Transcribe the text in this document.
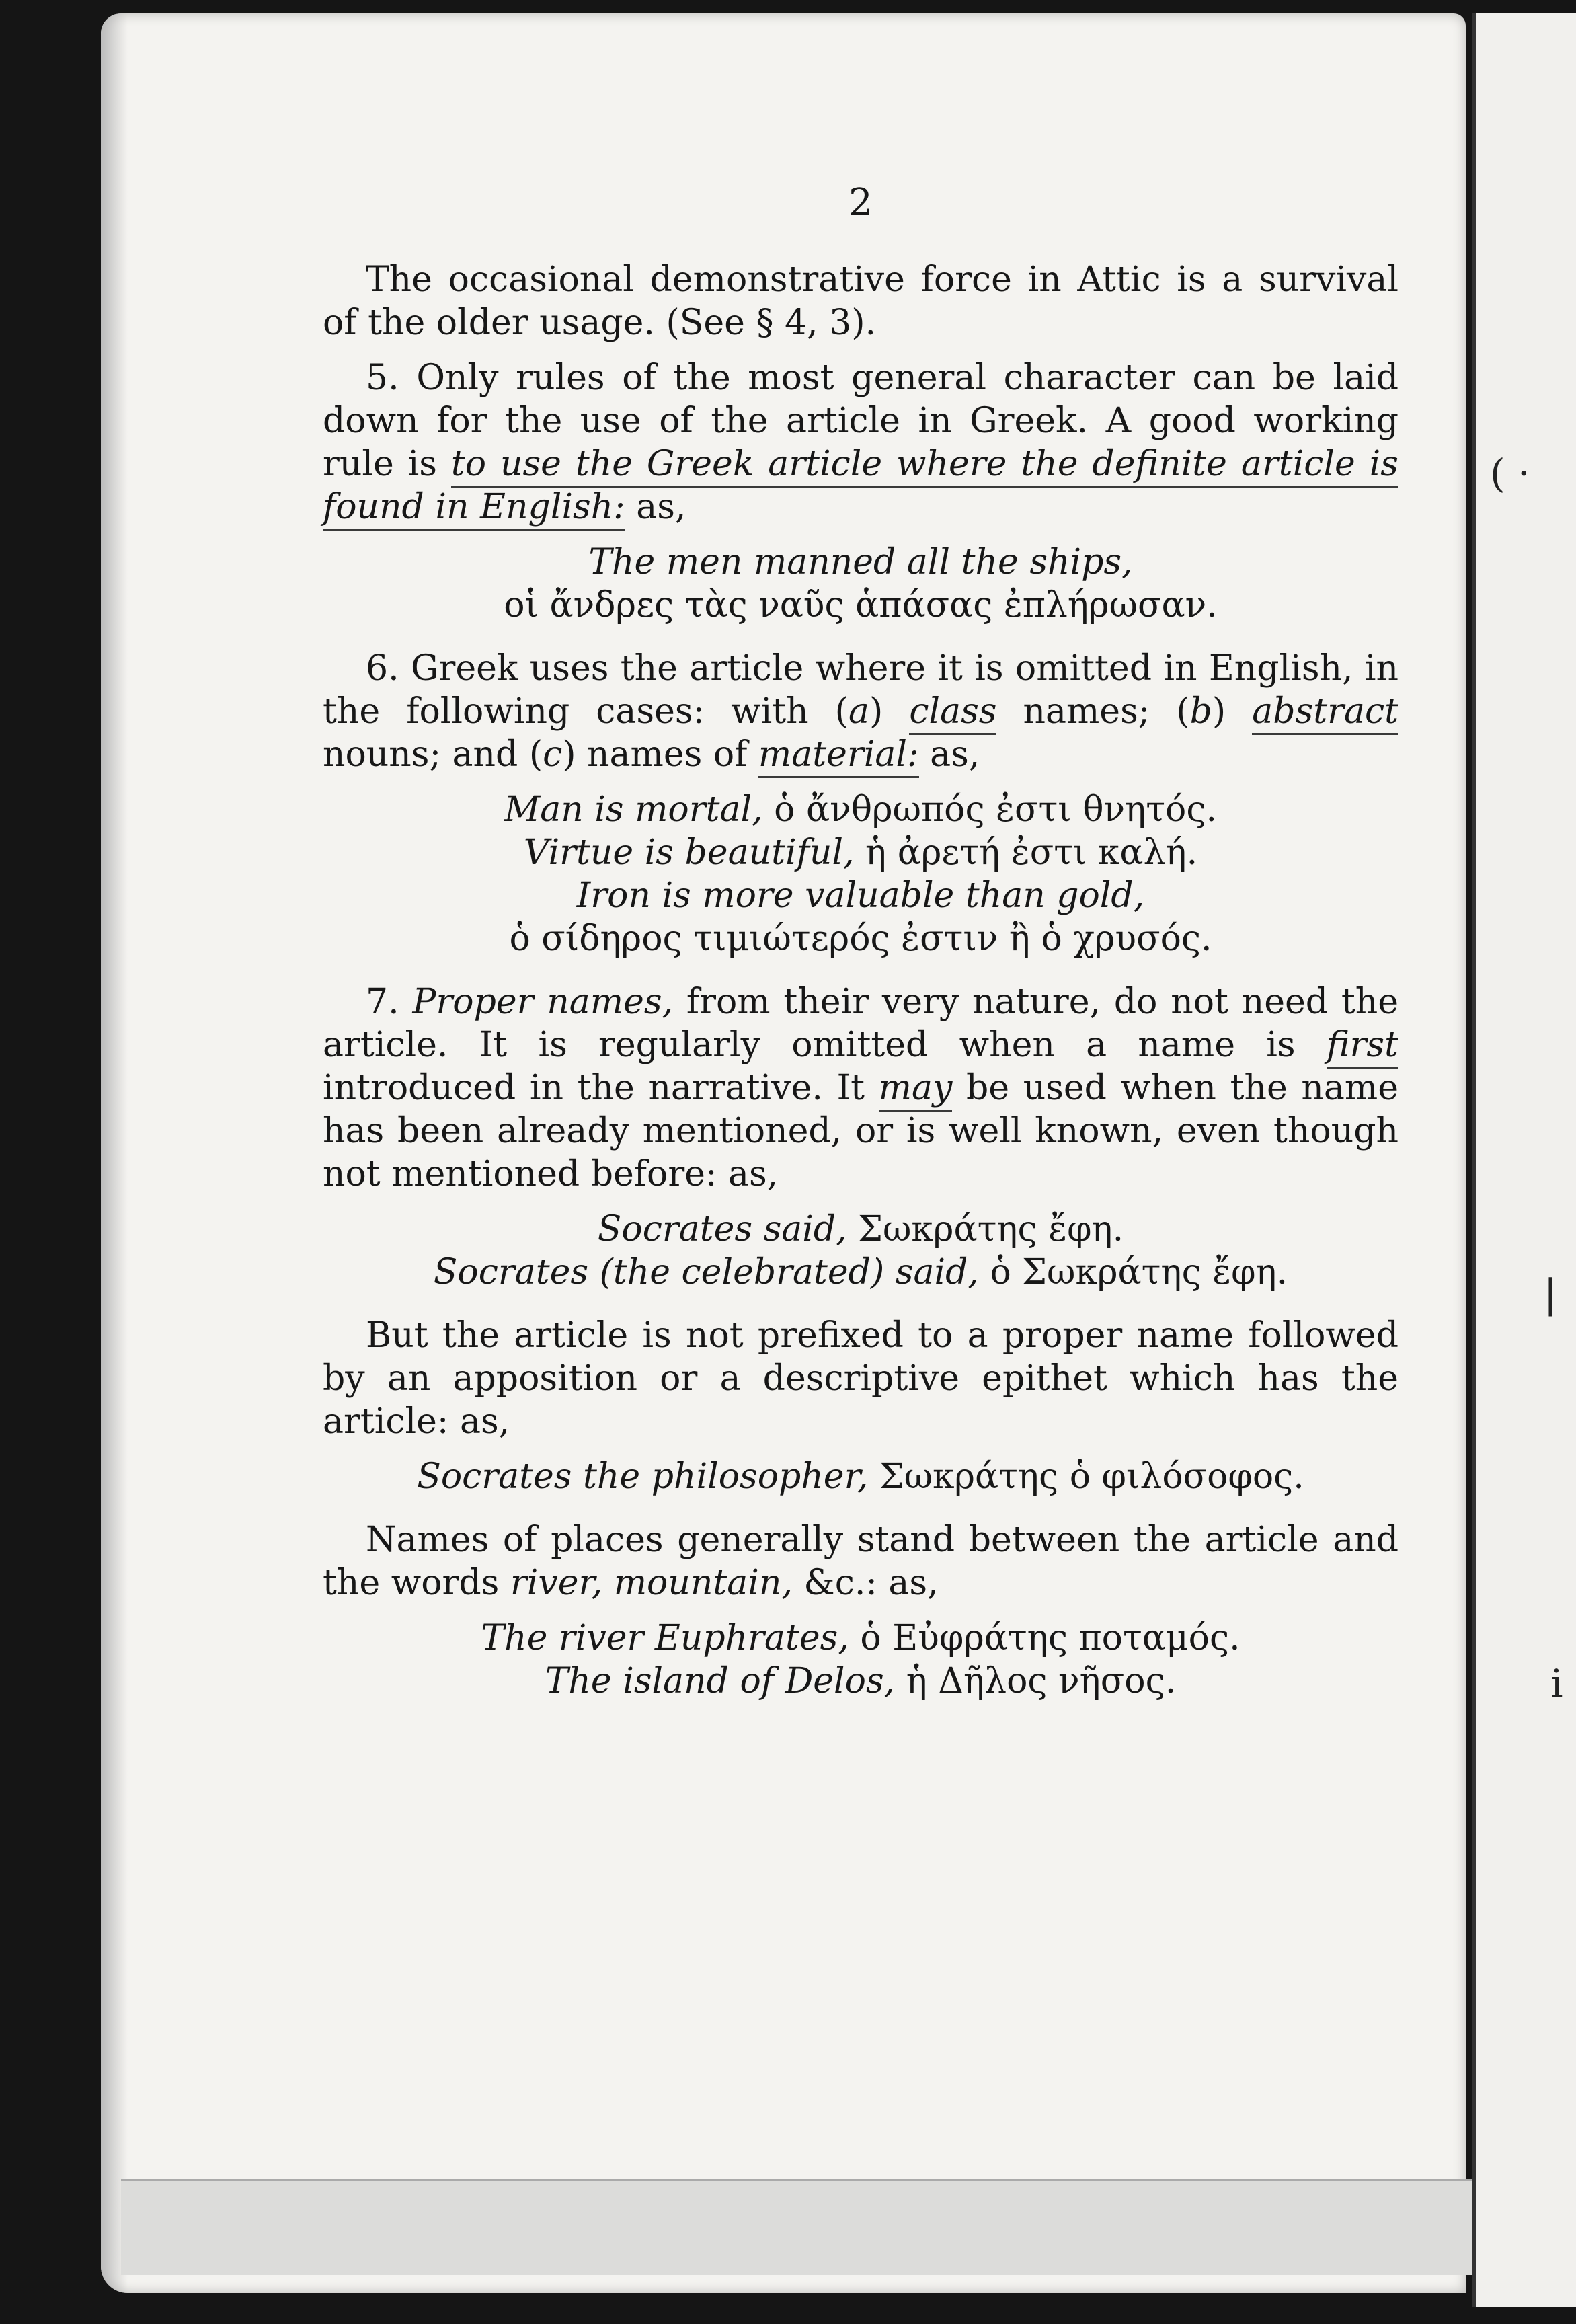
( ·
|
i
2

The occasional demonstrative force in Attic is a survival of the older usage. (See § 4, 3).

5. Only rules of the most general character can be laid down for the use of the article in Greek. A good working rule is to use the Greek article where the definite article is found in English: as,

The men manned all the ships,
οἱ ἄνδρες τὰς ναῦς ἁπάσας ἐπλήρωσαν.

6. Greek uses the article where it is omitted in English, in the following cases: with (a) class names; (b) abstract nouns; and (c) names of material: as,

Man is mortal, ὁ ἄνθρωπός ἐστι θνητός.
Virtue is beautiful, ἡ ἀρετή ἐστι καλή.
Iron is more valuable than gold,
ὁ σίδηρος τιμιώτερός ἐστιν ἢ ὁ χρυσός.

7. Proper names, from their very nature, do not need the article. It is regularly omitted when a name is first introduced in the narrative. It may be used when the name has been already mentioned, or is well known, even though not mentioned before: as,

Socrates said, Σωκράτης ἔφη.
Socrates (the celebrated) said, ὁ Σωκράτης ἔφη.

But the article is not prefixed to a proper name followed by an apposition or a descriptive epithet which has the article: as,

Socrates the philosopher, Σωκράτης ὁ φιλόσοφος.

Names of places generally stand between the article and the words river, mountain, &c.: as,

The river Euphrates, ὁ Εὐφράτης ποταμός.
The island of Delos, ἡ Δῆλος νῆσος.
